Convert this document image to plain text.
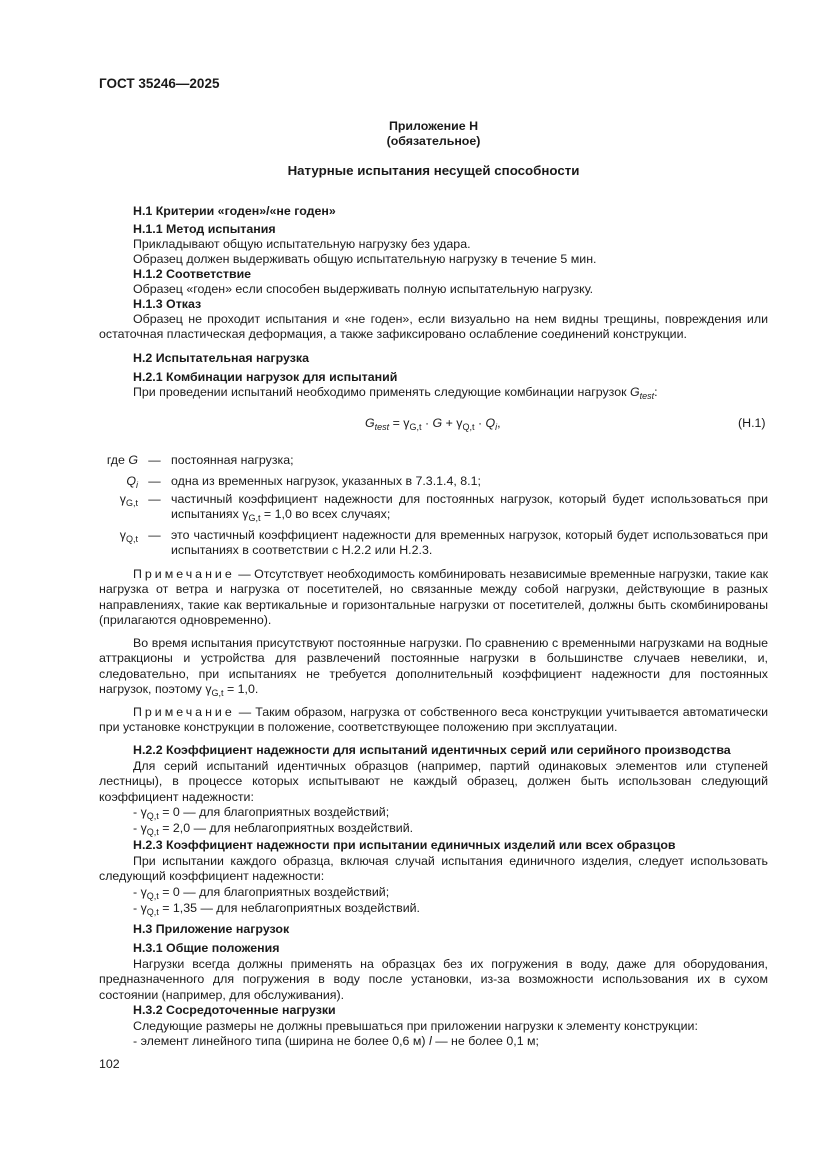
ГОСТ 35246—2025
Приложение Н
(обязательное)
Натурные испытания несущей способности
Н.1 Критерии «годен»/«не годен»
Н.1.1 Метод испытания
Прикладывают общую испытательную нагрузку без удара.
Образец должен выдерживать общую испытательную нагрузку в течение 5 мин.
Н.1.2 Соответствие
Образец «годен» если способен выдерживать полную испытательную нагрузку.
Н.1.3 Отказ
Образец не проходит испытания и «не годен», если визуально на нем видны трещины, повреждения или остаточная пластическая деформация, а также зафиксировано ослабление соединений конструкции.
Н.2 Испытательная нагрузка
Н.2.1 Комбинации нагрузок для испытаний
При проведении испытаний необходимо применять следующие комбинации нагрузок $G_{test}$:
$G_{test} = \gamma_{G,t} \cdot G + \gamma_{Q,t} \cdot Q_i$,	(Н.1)
где G — постоянная нагрузка;
$Q_i$ — одна из временных нагрузок, указанных в 7.3.1.4, 8.1;
$\gamma_{G,t}$ — частичный коэффициент надежности для постоянных нагрузок, который будет использоваться при испытаниях $\gamma_{G,t} = 1,0$ во всех случаях;
$\gamma_{Q,t}$ — это частичный коэффициент надежности для временных нагрузок, который будет использоваться при испытаниях в соответствии с Н.2.2 или Н.2.3.
Примечание — Отсутствует необходимость комбинировать независимые временные нагрузки, такие как нагрузка от ветра и нагрузка от посетителей, но связанные между собой нагрузки, действующие в разных направлениях, такие как вертикальные и горизонтальные нагрузки от посетителей, должны быть скомбинированы (прилагаются одновременно).
Во время испытания присутствуют постоянные нагрузки. По сравнению с временными нагрузками на водные аттракционы и устройства для развлечений постоянные нагрузки в большинстве случаев невелики, и, следовательно, при испытаниях не требуется дополнительный коэффициент надежности для постоянных нагрузок, поэтому $\gamma_{G,t} = 1,0$.
Примечание — Таким образом, нагрузка от собственного веса конструкции учитывается автоматически при установке конструкции в положение, соответствующее положению при эксплуатации.
Н.2.2 Коэффициент надежности для испытаний идентичных серий или серийного производства
Для серий испытаний идентичных образцов (например, партий одинаковых элементов или ступеней лестницы), в процессе которых испытывают не каждый образец, должен быть использован следующий коэффициент надежности:
- $\gamma_{Q,t} = 0$ — для благоприятных воздействий;
- $\gamma_{Q,t} = 2,0$ — для неблагоприятных воздействий.
Н.2.3 Коэффициент надежности при испытании единичных изделий или всех образцов
При испытании каждого образца, включая случай испытания единичного изделия, следует использовать следующий коэффициент надежности:
- $\gamma_{Q,t} = 0$ — для благоприятных воздействий;
- $\gamma_{Q,t} = 1,35$ — для неблагоприятных воздействий.
Н.3 Приложение нагрузок
Н.3.1 Общие положения
Нагрузки всегда должны применять на образцах без их погружения в воду, даже для оборудования, предназначенного для погружения в воду после установки, из-за возможности использования их в сухом состоянии (например, для обслуживания).
Н.3.2 Сосредоточенные нагрузки
Следующие размеры не должны превышаться при приложении нагрузки к элементу конструкции:
- элемент линейного типа (ширина не более 0,6 м) l — не более 0,1 м;
102
